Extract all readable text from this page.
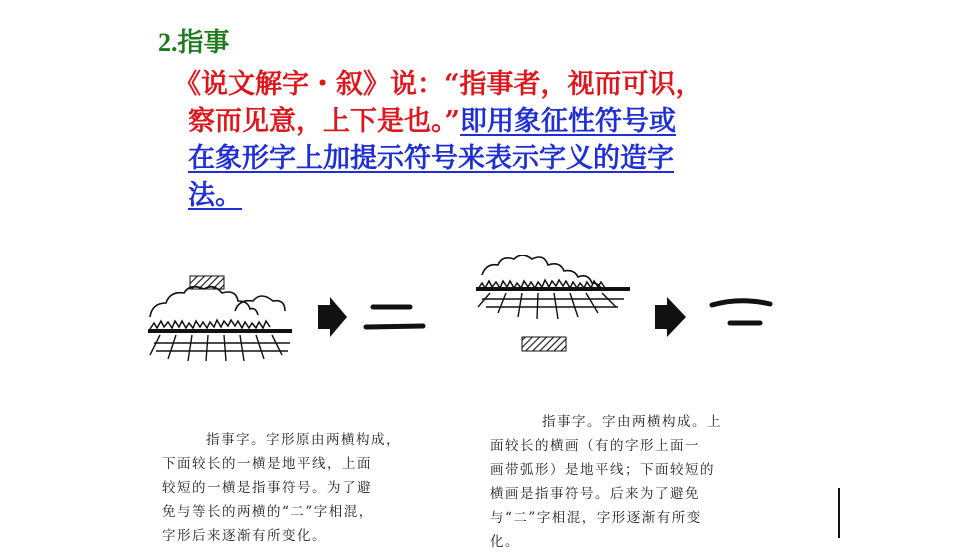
2.指事
《说文解字・叙》说：“指事者，视而可识，
察而见意，上下是也。”即用象征性符号或
在象形字上加提示符号来表示字义的造字
法。
指事字。字形原由两横构成，
下面较长的一横是地平线，上面
较短的一横是指事符号。为了避
免与等长的两横的“二”字相混，
字形后来逐渐有所变化。
指事字。字由两横构成。上
面较长的横画（有的字形上面一
画带弧形）是地平线；下面较短的
横画是指事符号。后来为了避免
与“二”字相混，字形逐渐有所变
化。
